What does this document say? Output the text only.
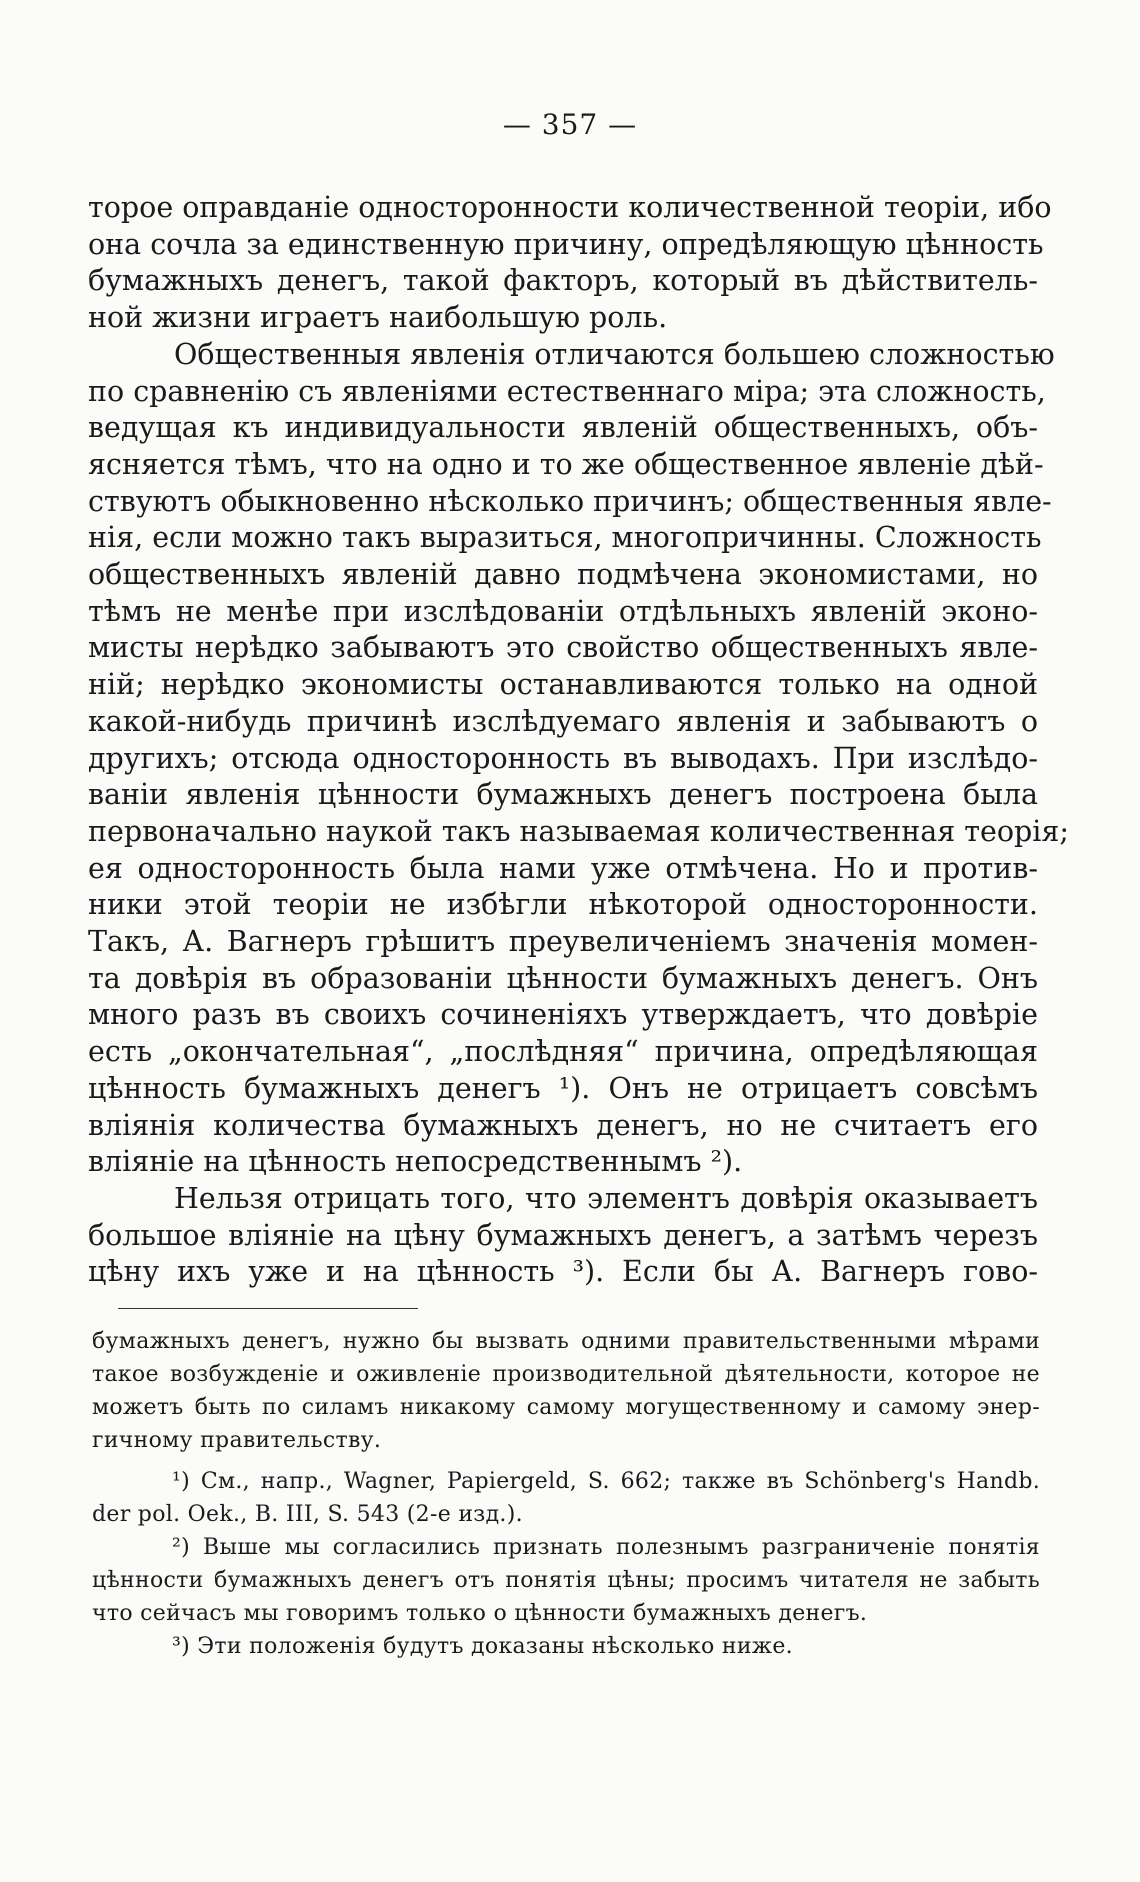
— 357 —

торое оправданіе односторонности количественной теоріи, ибо
она сочла за единственную причину, опредѣляющую цѣнность
бумажныхъ денегъ, такой факторъ, который въ дѣйствитель-
ной жизни играетъ наибольшую роль.

Общественныя явленія отличаются большею сложностью
по сравненію съ явленіями естественнаго міра; эта сложность,
ведущая къ индивидуальности явленій общественныхъ, объ-
ясняется тѣмъ, что на одно и то же общественное явленіе дѣй-
ствуютъ обыкновенно нѣсколько причинъ; общественныя явле-
нія, если можно такъ выразиться, многопричинны. Сложность
общественныхъ явленій давно подмѣчена экономистами, но
тѣмъ не менѣе при изслѣдованіи отдѣльныхъ явленій эконо-
мисты нерѣдко забываютъ это свойство общественныхъ явле-
ній; нерѣдко экономисты останавливаются только на одной
какой-нибудь причинѣ изслѣдуемаго явленія и забываютъ о
другихъ; отсюда односторонность въ выводахъ. При изслѣдо-
ваніи явленія цѣнности бумажныхъ денегъ построена была
первоначально наукой такъ называемая количественная теорія;
ея односторонность была нами уже отмѣчена. Но и против-
ники этой теоріи не избѣгли нѣкоторой односторонности.
Такъ, А. Вагнеръ грѣшитъ преувеличеніемъ значенія момен-
та довѣрія въ образованіи цѣнности бумажныхъ денегъ. Онъ
много разъ въ своихъ сочиненіяхъ утверждаетъ, что довѣріе
есть „окончательная“, „послѣдняя“ причина, опредѣляющая
цѣнность бумажныхъ денегъ ¹). Онъ не отрицаетъ совсѣмъ
вліянія количества бумажныхъ денегъ, но не считаетъ его
вліяніе на цѣнность непосредственнымъ ²).

Нельзя отрицать того, что элементъ довѣрія оказываетъ
большое вліяніе на цѣну бумажныхъ денегъ, а затѣмъ черезъ
цѣну ихъ уже и на цѣнность ³). Если бы А. Вагнеръ гово-

бумажныхъ денегъ, нужно бы вызвать одними правительственными мѣрами
такое возбужденіе и оживленіе производительной дѣятельности, которое не
можетъ быть по силамъ никакому самому могущественному и самому энер-
гичному правительству.
¹) См., напр., Wagner, Papiergeld, S. 662; также въ Schönberg's Handb.
der pol. Oek., B. III, S. 543 (2-е изд.).
²) Выше мы согласились признать полезнымъ разграниченіе понятія
цѣнности бумажныхъ денегъ отъ понятія цѣны; просимъ читателя не забыть
что сейчасъ мы говоримъ только о цѣнности бумажныхъ денегъ.
³) Эти положенія будутъ доказаны нѣсколько ниже.
